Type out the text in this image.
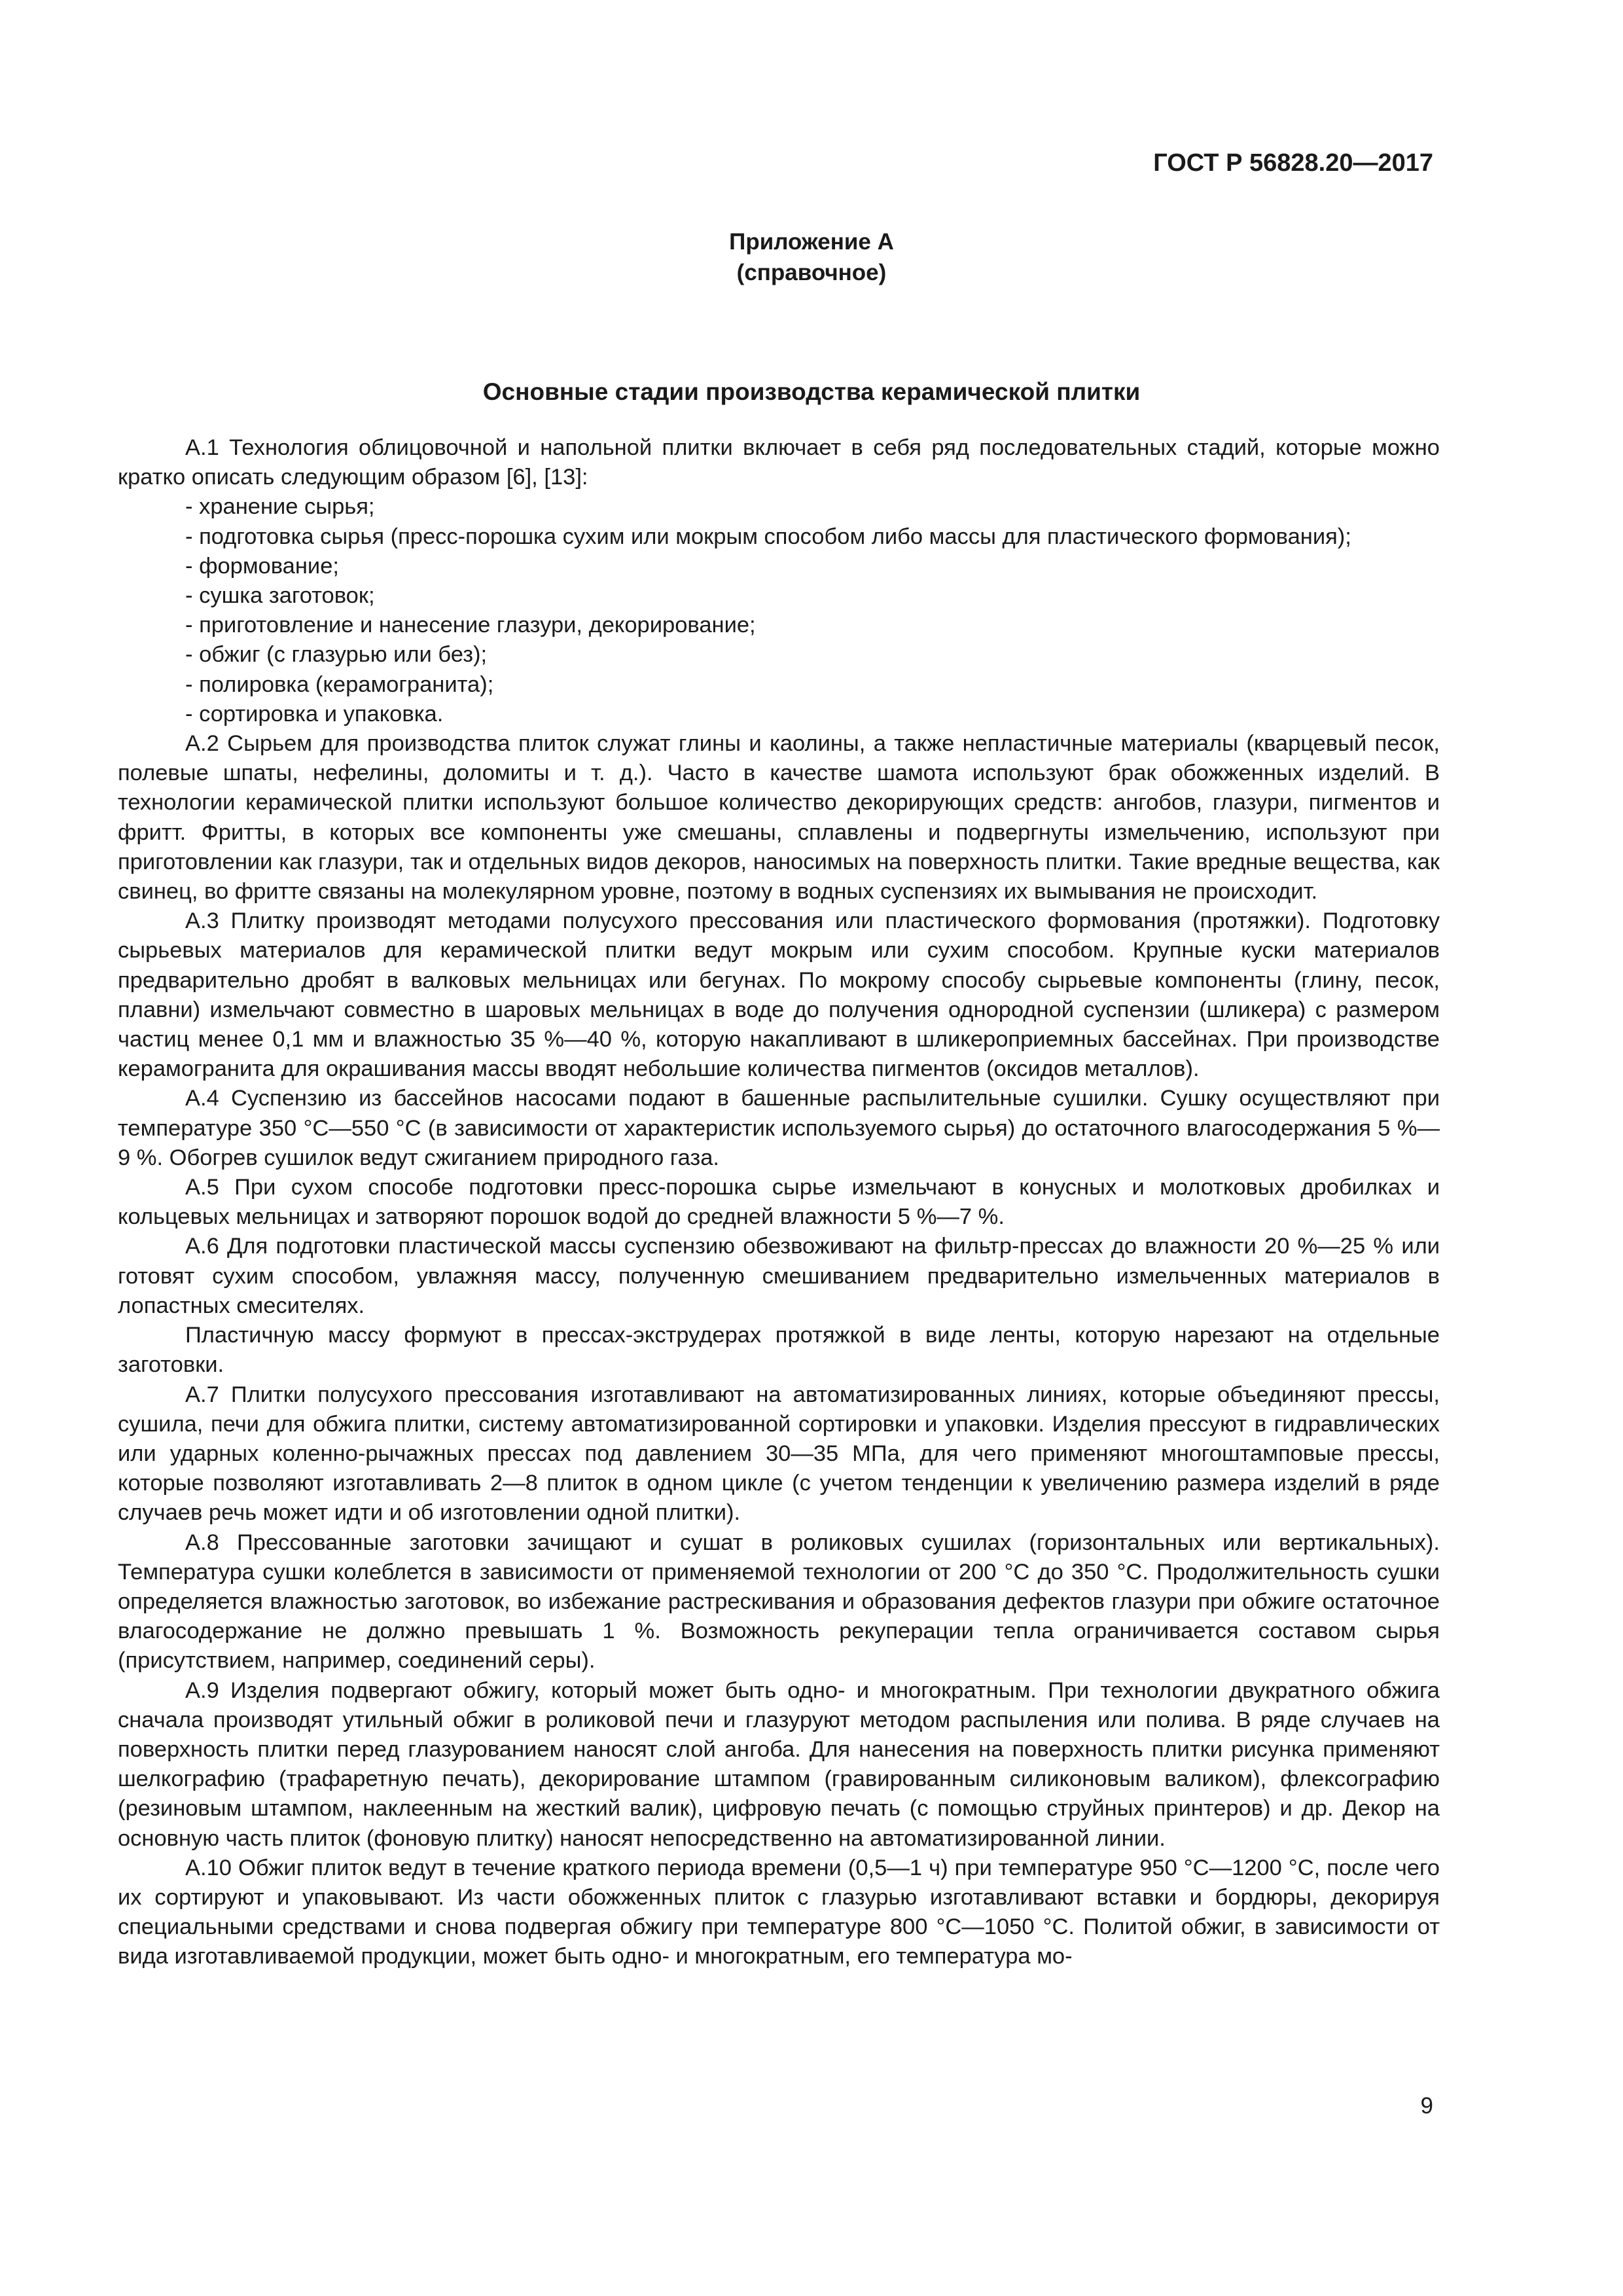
ГОСТ Р 56828.20—2017
Приложение А
(справочное)
Основные стадии производства керамической плитки

А.1 Технология облицовочной и напольной плитки включает в себя ряд последовательных стадий, которые можно кратко описать следующим образом [6], [13]:

- хранение сырья;
- подготовка сырья (пресс-порошка сухим или мокрым способом либо массы для пластического формования);
- формование;
- сушка заготовок;
- приготовление и нанесение глазури, декорирование;
- обжиг (с глазурью или без);
- полировка (керамогранита);
- сортировка и упаковка.

А.2 Сырьем для производства плиток служат глины и каолины, а также непластичные материалы (кварцевый песок, полевые шпаты, нефелины, доломиты и т. д.). Часто в качестве шамота используют брак обожженных изделий. В технологии керамической плитки используют большое количество декорирующих средств: ангобов, глазури, пигментов и фритт. Фритты, в которых все компоненты уже смешаны, сплавлены и подвергнуты измельчению, используют при приготовлении как глазури, так и отдельных видов декоров, наносимых на поверхность плитки. Такие вредные вещества, как свинец, во фритте связаны на молекулярном уровне, поэтому в водных суспензиях их вымывания не происходит.

А.3 Плитку производят методами полусухого прессования или пластического формования (протяжки). Подготовку сырьевых материалов для керамической плитки ведут мокрым или сухим способом. Крупные куски материалов предварительно дробят в валковых мельницах или бегунах. По мокрому способу сырьевые компоненты (глину, песок, плавни) измельчают совместно в шаровых мельницах в воде до получения однородной суспензии (шликера) с размером частиц менее 0,1 мм и влажностью 35 %—40 %, которую накапливают в шликероприемных бассейнах. При производстве керамогранита для окрашивания массы вводят небольшие количества пигментов (оксидов металлов).

А.4 Суспензию из бассейнов насосами подают в башенные распылительные сушилки. Сушку осуществляют при температуре 350 °С—550 °С (в зависимости от характеристик используемого сырья) до остаточного влагосодержания 5 %—9 %. Обогрев сушилок ведут сжиганием природного газа.

А.5 При сухом способе подготовки пресс-порошка сырье измельчают в конусных и молотковых дробилках и кольцевых мельницах и затворяют порошок водой до средней влажности 5 %—7 %.

А.6 Для подготовки пластической массы суспензию обезвоживают на фильтр-прессах до влажности 20 %—25 % или готовят сухим способом, увлажняя массу, полученную смешиванием предварительно измельченных материалов в лопастных смесителях.

Пластичную массу формуют в прессах-экструдерах протяжкой в виде ленты, которую нарезают на отдельные заготовки.

А.7 Плитки полусухого прессования изготавливают на автоматизированных линиях, которые объединяют прессы, сушила, печи для обжига плитки, систему автоматизированной сортировки и упаковки. Изделия прессуют в гидравлических или ударных коленно-рычажных прессах под давлением 30—35 МПа, для чего применяют многоштамповые прессы, которые позволяют изготавливать 2—8 плиток в одном цикле (с учетом тенденции к увеличению размера изделий в ряде случаев речь может идти и об изготовлении одной плитки).

А.8 Прессованные заготовки зачищают и сушат в роликовых сушилах (горизонтальных или вертикальных). Температура сушки колеблется в зависимости от применяемой технологии от 200 °С до 350 °С. Продолжительность сушки определяется влажностью заготовок, во избежание растрескивания и образования дефектов глазури при обжиге остаточное влагосодержание не должно превышать 1 %. Возможность рекуперации тепла ограничивается составом сырья (присутствием, например, соединений серы).

А.9 Изделия подвергают обжигу, который может быть одно- и многократным. При технологии двукратного обжига сначала производят утильный обжиг в роликовой печи и глазуруют методом распыления или полива. В ряде случаев на поверхность плитки перед глазурованием наносят слой ангоба. Для нанесения на поверхность плитки рисунка применяют шелкографию (трафаретную печать), декорирование штампом (гравированным силиконовым валиком), флексографию (резиновым штампом, наклеенным на жесткий валик), цифровую печать (с помощью струйных принтеров) и др. Декор на основную часть плиток (фоновую плитку) наносят непосредственно на автоматизированной линии.

А.10 Обжиг плиток ведут в течение краткого периода времени (0,5—1 ч) при температуре 950 °С—1200 °С, после чего их сортируют и упаковывают. Из части обожженных плиток с глазурью изготавливают вставки и бордюры, декорируя специальными средствами и снова подвергая обжигу при температуре 800 °С—1050 °С. Политой обжиг, в зависимости от вида изготавливаемой продукции, может быть одно- и многократным, его температура мо-

9
